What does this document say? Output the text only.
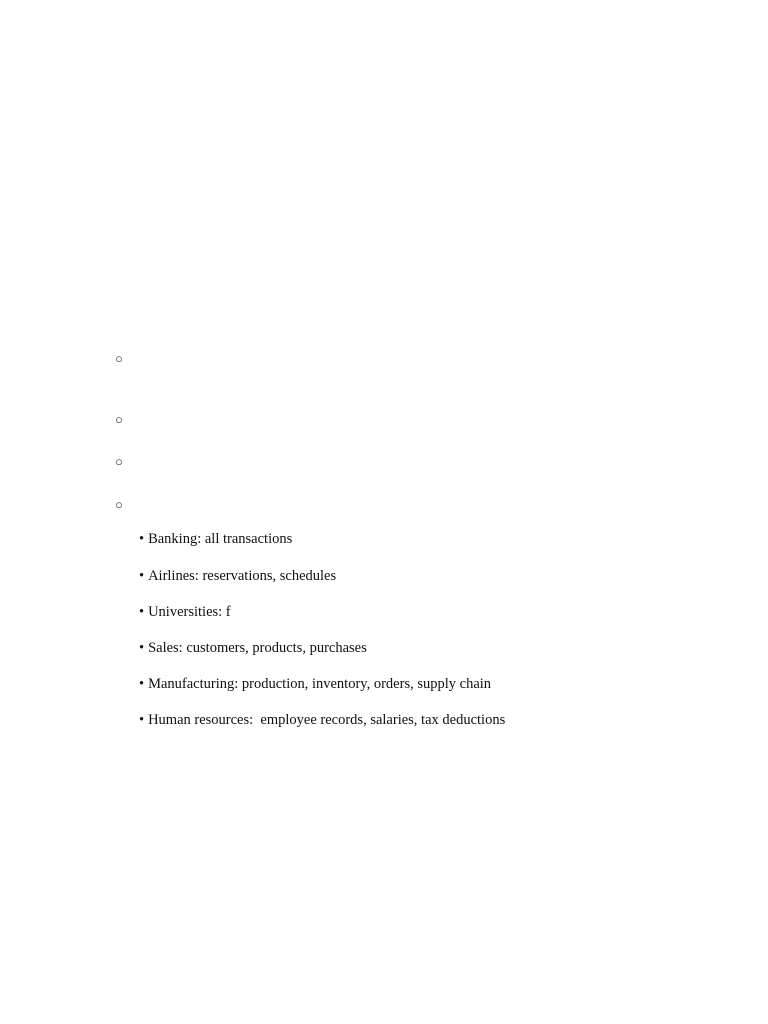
○
○
○
○
• Banking: all transactions
• Airlines: reservations, schedules
• Universities: f
• Sales: customers, products, purchases
• Manufacturing: production, inventory, orders, supply chain
• Human resources:  employee records, salaries, tax deductions
